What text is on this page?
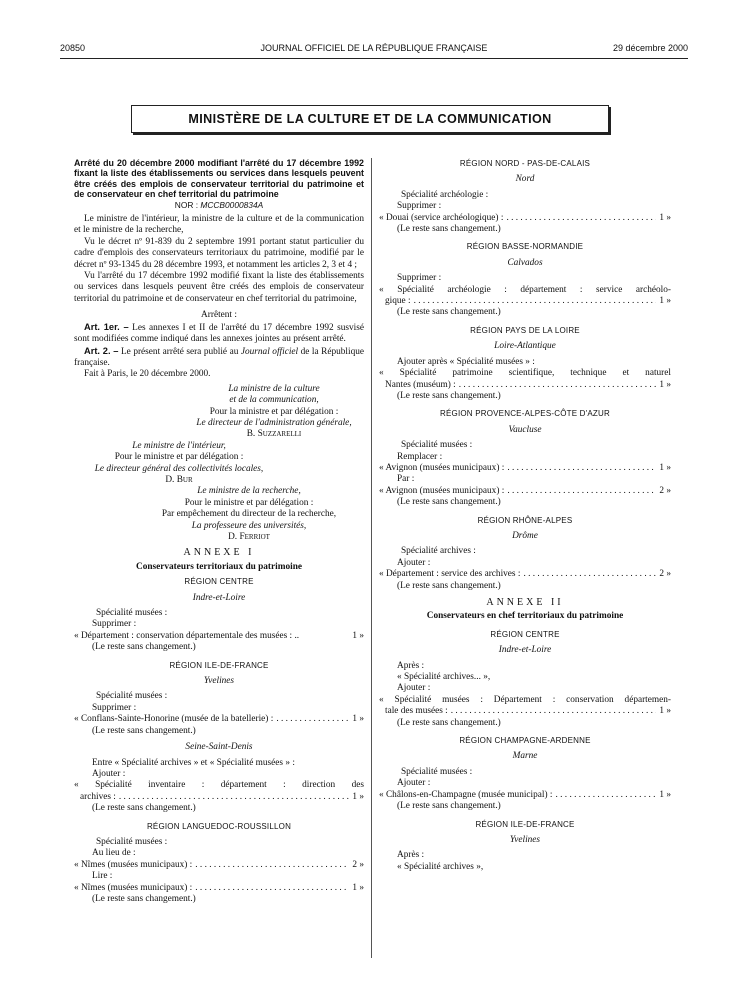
20850	JOURNAL OFFICIEL DE LA RÉPUBLIQUE FRANÇAISE	29 décembre 2000
MINISTÈRE DE LA CULTURE ET DE LA COMMUNICATION

Arrêté du 20 décembre 2000 modifiant l'arrêté du 17 décembre 1992 fixant la liste des établissements ou services dans lesquels peuvent être créés des emplois de conservateur territorial du patrimoine et de conservateur en chef territorial du patrimoine

NOR : MCCB0000834A

Le ministre de l'intérieur, la ministre de la culture et de la communication et le ministre de la recherche,

Vu le décret nº 91-839 du 2 septembre 1991 portant statut particulier du cadre d'emplois des conservateurs territoriaux du patrimoine, modifié par le décret nº 93-1345 du 28 décembre 1993, et notamment les articles 2, 3 et 4 ;

Vu l'arrêté du 17 décembre 1992 modifié fixant la liste des établissements ou services dans lesquels peuvent être créés des emplois de conservateur territorial du patrimoine et de conservateur en chef territorial du patrimoine,

Arrêtent :

Art. 1er. – Les annexes I et II de l'arrêté du 17 décembre 1992 susvisé sont modifiées comme indiqué dans les annexes jointes au présent arrêté.

Art. 2. – Le présent arrêté sera publié au Journal officiel de la République française.

Fait à Paris, le 20 décembre 2000.

La ministre de la culture

et de la communication,

Pour la ministre et par délégation :

Le directeur de l'administration générale,

B. Suzzarelli

Le ministre de l'intérieur,

Pour le ministre et par délégation :

Le directeur général des collectivités locales,

D. Bur

Le ministre de la recherche,

Pour le ministre et par délégation :

Par empêchement du directeur de la recherche,

La professeure des universités,

D. Ferriot

ANNEXE I

Conservateurs territoriaux du patrimoine

RÉGION CENTRE

Indre-et-Loire

Spécialité musées :

Supprimer :

« Département : conservation départementale des musées : ..	1 »

(Le reste sans changement.)

RÉGION ILE-DE-FRANCE

Yvelines

Spécialité musées :

Supprimer :

« Conflans-Sainte-Honorine (musée de la batellerie) : . . .	1 »

(Le reste sans changement.)

Seine-Saint-Denis

Entre « Spécialité archives » et « Spécialité musées » :

Ajouter :

« Spécialité inventaire : département : direction des

archives : . . .	1 »

(Le reste sans changement.)

RÉGION LANGUEDOC-ROUSSILLON

Spécialité musées :

Au lieu de :

« Nîmes (musées municipaux) : . . .	2 »

Lire :

« Nîmes (musées municipaux) : . . .	1 »

(Le reste sans changement.)

RÉGION NORD - PAS-DE-CALAIS

Nord

Spécialité archéologie :

Supprimer :

« Douai (service archéologique) : . . .	1 »

(Le reste sans changement.)

RÉGION BASSE-NORMANDIE

Calvados

Supprimer :

« Spécialité archéologie : département : service archéolo-

gique : . . .	1 »

(Le reste sans changement.)

RÉGION PAYS DE LA LOIRE

Loire-Atlantique

Ajouter après « Spécialité musées » :

« Spécialité patrimoine scientifique, technique et naturel

Nantes (muséum) : . . .	1 »

(Le reste sans changement.)

RÉGION PROVENCE-ALPES-CÔTE D'AZUR

Vaucluse

Spécialité musées :

Remplacer :

« Avignon (musées municipaux) : . . .	1 »

Par :

« Avignon (musées municipaux) : . . .	2 »

(Le reste sans changement.)

RÉGION RHÔNE-ALPES

Drôme

Spécialité archives :

Ajouter :

« Département : service des archives : . . .	2 »

(Le reste sans changement.)

ANNEXE II

Conservateurs en chef territoriaux du patrimoine

RÉGION CENTRE

Indre-et-Loire

Après :

« Spécialité archives... »,

Ajouter :

« Spécialité musées : Département : conservation départemen-

tale des musées : . . .	1 »

(Le reste sans changement.)

RÉGION CHAMPAGNE-ARDENNE

Marne

Spécialité musées :

Ajouter :

« Châlons-en-Champagne (musée municipal) : . . .	1 »

(Le reste sans changement.)

RÉGION ILE-DE-FRANCE

Yvelines

Après :

« Spécialité archives »,
